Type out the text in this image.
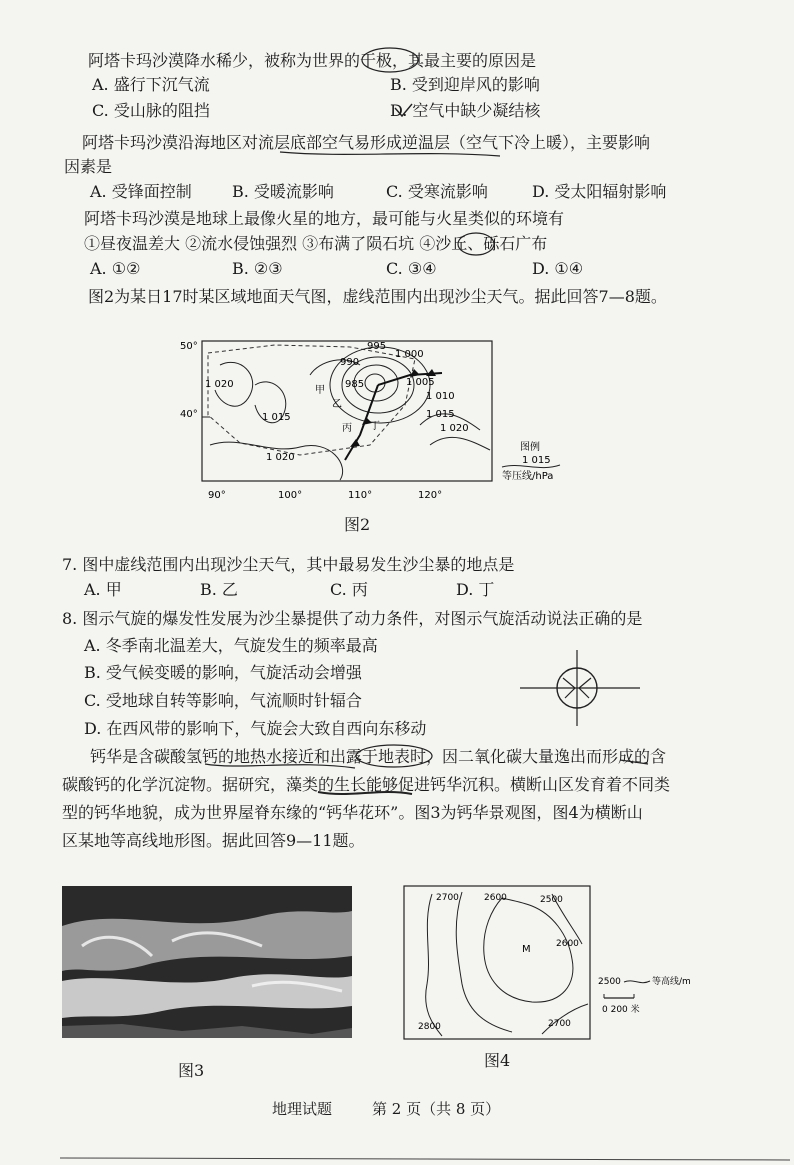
阿塔卡玛沙漠降水稀少，被称为世界的干极，其最主要的原因是
A. 盛行下沉气流	B. 受到迎岸风的影响
C. 受山脉的阻挡	D. 空气中缺少凝结核
阿塔卡玛沙漠沿海地区对流层底部空气易形成逆温层（空气下冷上暖），主要影响
因素是
A. 受锋面控制	B. 受暖流影响	C. 受寒流影响	D. 受太阳辐射影响
阿塔卡玛沙漠是地球上最像火星的地方，最可能与火星类似的环境有
①昼夜温差大 ②流水侵蚀强烈 ③布满了陨石坑 ④沙丘、砾石广布
A. ①②	B. ②③	C. ③④	D. ①④
图2为某日17时某区域地面天气图，虚线范围内出现沙尘天气。据此回答7—8题。
1 020
1 015
1 020
990
995
1 000
985	1 005
1 010
1 015
1 020
甲
乙
丙 丁
50°
40°
90°	100°	110°	120°
图例
1 015
等压线/hPa
图2
7. 图中虚线范围内出现沙尘天气，其中最易发生沙尘暴的地点是
A. 甲	B. 乙	C. 丙	D. 丁
8. 图示气旋的爆发性发展为沙尘暴提供了动力条件，对图示气旋活动说法正确的是
A. 冬季南北温差大，气旋发生的频率最高
B. 受气候变暖的影响，气旋活动会增强
C. 受地球自转等影响，气流顺时针辐合
D. 在西风带的影响下，气旋会大致自西向东移动
钙华是含碳酸氢钙的地热水接近和出露于地表时，因二氧化碳大量逸出而形成的含
碳酸钙的化学沉淀物。据研究，藻类的生长能够促进钙华沉积。横断山区发育着不同类
型的钙华地貌，成为世界屋脊东缘的“钙华花环”。图3为钙华景观图，图4为横断山
区某地等高线地形图。据此回答9—11题。
图3
2700	2600	2500
2600
2800	2700
M
2500	等高线/m
0 200 米
图4
地理试题	第 2 页（共 8 页）
